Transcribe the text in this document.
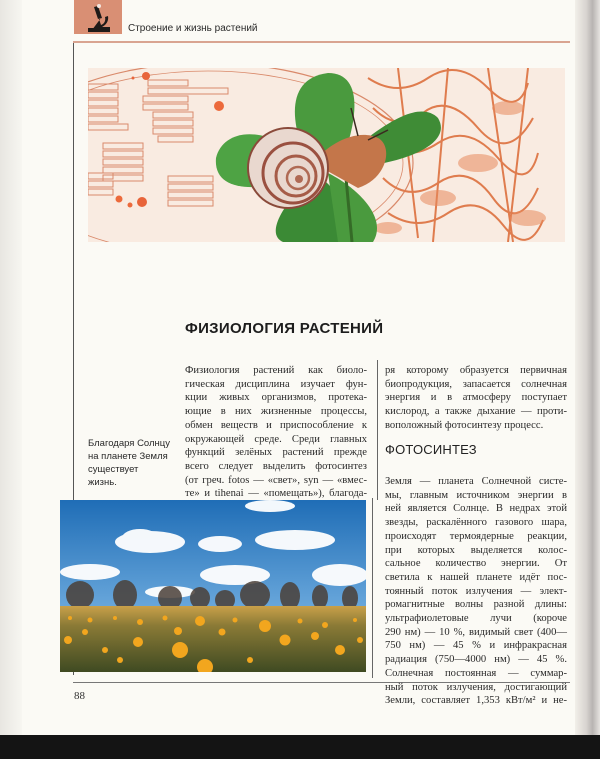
Строение и жизнь растений
ФИЗИОЛОГИЯ РАСТЕНИЙ
Физиология растений как биоло-
гическая дисциплина изучает фун-
кции живых организмов, протека-
ющие в них жизненные процессы,
обмен веществ и приспособление к
окружающей среде. Среди главных
функций зелёных растений прежде
всего следует выделить фотосинтез
(от греч. fotos — «свет», syn — «вмес-
те» и tihenai — «помещать»), благода-
ря которому образуется первичная
биопродукция, запасается солнечная
энергия и в атмосферу поступает
кислород, а также дыхание — проти-
воположный фотосинтезу процесс.
ФОТОСИНТЕЗ
Земля — планета Солнечной систе-
мы, главным источником энергии в
ней является Солнце. В недрах этой
звезды, раскалённого газового шара,
происходят термоядерные реакции,
при которых выделяется колос-
сальное количество энергии. От
светила к нашей планете идёт пос-
тоянный поток излучения — элект-
ромагнитные волны разной длины:
ультрафиолетовые лучи (короче
290 нм) — 10 %, видимый свет (400—
750 нм) — 45 % и инфракрасная
радиация (750—4000 нм) — 45 %.
Солнечная постоянная — суммар-
ный поток излучения, достигающий
Земли, составляет 1,353 кВт/м² и не-
Благодаря Солнцу
на планете Земля
существует
жизнь.
88
